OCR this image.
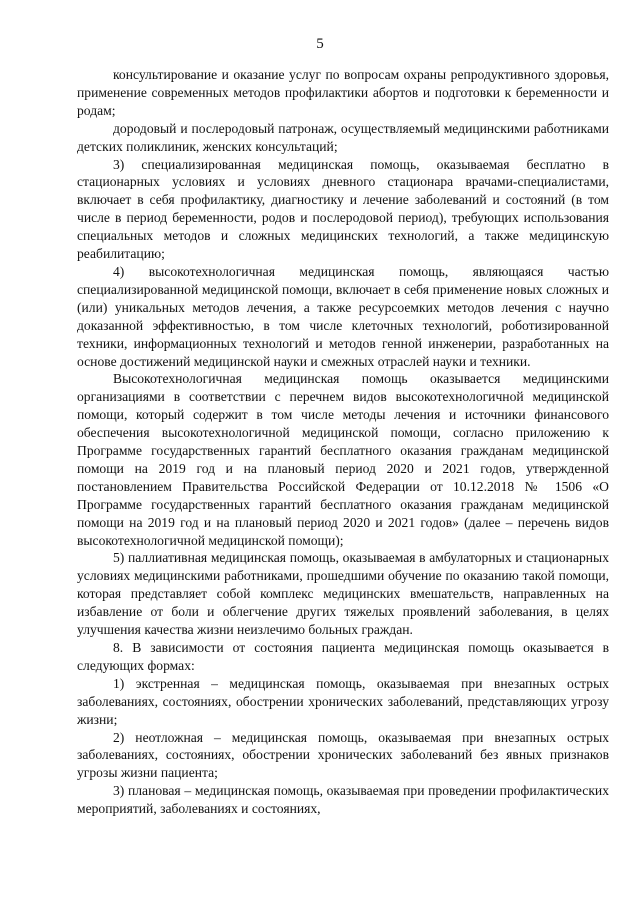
5

консультирование и оказание услуг по вопросам охраны репродуктивного здоровья, применение современных методов профилактики абортов и подготовки к беременности и родам;

дородовый и послеродовый патронаж, осуществляемый медицинскими работниками детских поликлиник, женских консультаций;

3) специализированная медицинская помощь, оказываемая бесплатно в стационарных условиях и условиях дневного стационара врачами-специалистами, включает в себя профилактику, диагностику и лечение заболеваний и состояний (в том числе в период беременности, родов и послеродовой период), требующих использования специальных методов и сложных медицинских технологий, а также медицинскую реабилитацию;

4) высокотехнологичная медицинская помощь, являющаяся частью специализированной медицинской помощи, включает в себя применение новых сложных и (или) уникальных методов лечения, а также ресурсоемких методов лечения с научно доказанной эффективностью, в том числе клеточных технологий, роботизированной техники, информационных технологий и методов генной инженерии, разработанных на основе достижений медицинской науки и смежных отраслей науки и техники.

Высокотехнологичная медицинская помощь оказывается медицинскими организациями в соответствии с перечнем видов высокотехнологичной медицинской помощи, который содержит в том числе методы лечения и источники финансового обеспечения высокотехнологичной медицинской помощи, согласно приложению к Программе государственных гарантий бесплатного оказания гражданам медицинской помощи на 2019 год и на плановый период 2020 и 2021 годов, утвержденной постановлением Правительства Российской Федерации от 10.12.2018 № 1506 «О Программе государственных гарантий бесплатного оказания гражданам медицинской помощи на 2019 год и на плановый период 2020 и 2021 годов» (далее – перечень видов высокотехнологичной медицинской помощи);

5) паллиативная медицинская помощь, оказываемая в амбулаторных и стационарных условиях медицинскими работниками, прошедшими обучение по оказанию такой помощи, которая представляет собой комплекс медицинских вмешательств, направленных на избавление от боли и облегчение других тяжелых проявлений заболевания, в целях улучшения качества жизни неизлечимо больных граждан.

8. В зависимости от состояния пациента медицинская помощь оказывается в следующих формах:

1) экстренная – медицинская помощь, оказываемая при внезапных острых заболеваниях, состояниях, обострении хронических заболеваний, представляющих угрозу жизни;

2) неотложная – медицинская помощь, оказываемая при внезапных острых заболеваниях, состояниях, обострении хронических заболеваний без явных признаков угрозы жизни пациента;

3) плановая – медицинская помощь, оказываемая при проведении профилактических мероприятий, заболеваниях и состояниях,
